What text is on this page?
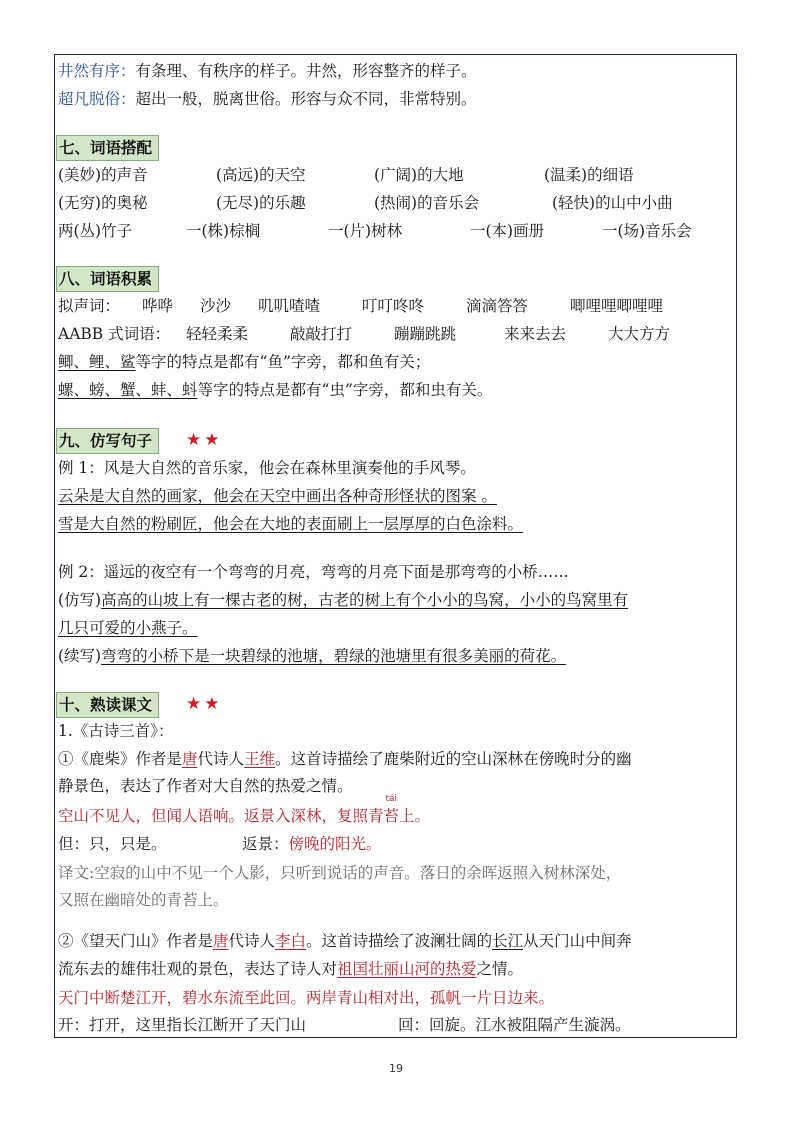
井然有序：有条理、有秩序的样子。井然，形容整齐的样子。
超凡脱俗：超出一般，脱离世俗。形容与众不同，非常特别。
七、词语搭配
(美妙)的声音	(高远)的天空	(广阔)的大地	(温柔)的细语
(无穷)的奥秘	(无尽)的乐趣	(热闹)的音乐会	(轻快)的山中小曲
两(丛)竹子	一(株)棕榈	一(片)树林	一(本)画册	一(场)音乐会
八、词语积累
拟声词： 哗哗 沙沙 叽叽喳喳	叮叮咚咚	滴滴答答	唧哩哩唧哩哩
AABB 式词语： 轻轻柔柔	敲敲打打	蹦蹦跳跳	来来去去	大大方方
鲫、鲤、鲨等字的特点是都有“鱼”字旁，都和鱼有关；
螺、螃、蟹、蚌、蚪等字的特点是都有“虫”字旁，都和虫有关。
九、仿写句子	★★
例 1：风是大自然的音乐家，他会在森林里演奏他的手风琴。
云朵是大自然的画家，他会在天空中画出各种奇形怪状的图案 。
雪是大自然的粉刷匠，他会在大地的表面刷上一层厚厚的白色涂料。
例 2：遥远的夜空有一个弯弯的月亮，弯弯的月亮下面是那弯弯的小桥……
(仿写)高高的山坡上有一棵古老的树，古老的树上有个小小的鸟窝，小小的鸟窝里有
几只可爱的小燕子。
(续写)弯弯的小桥下是一块碧绿的池塘，碧绿的池塘里有很多美丽的荷花。
十、熟读课文	★★
1.《古诗三首》：
①《鹿柴》作者是唐代诗人王维。这首诗描绘了鹿柴附近的空山深林在傍晚时分的幽
静景色，表达了作者对大自然的热爱之情。
空山不见人，但闻人语响。返景入深林，复照青
tái
苔上。
但：只，只是。	返景：傍晚的阳光。
译文:空寂的山中不见一个人影，只听到说话的声音。落日的余晖返照入树林深处，
又照在幽暗处的青苔上。
②《望天门山》作者是唐代诗人李白。这首诗描绘了波澜壮阔的长江从天门山中间奔
流东去的雄伟壮观的景色，表达了诗人对祖国壮丽山河的热爱之情。
天门中断楚江开，碧水东流至此回。两岸青山相对出，孤帆一片日边来。
开：打开，这里指长江断开了天门山	回：回旋。江水被阻隔产生漩涡。
19
